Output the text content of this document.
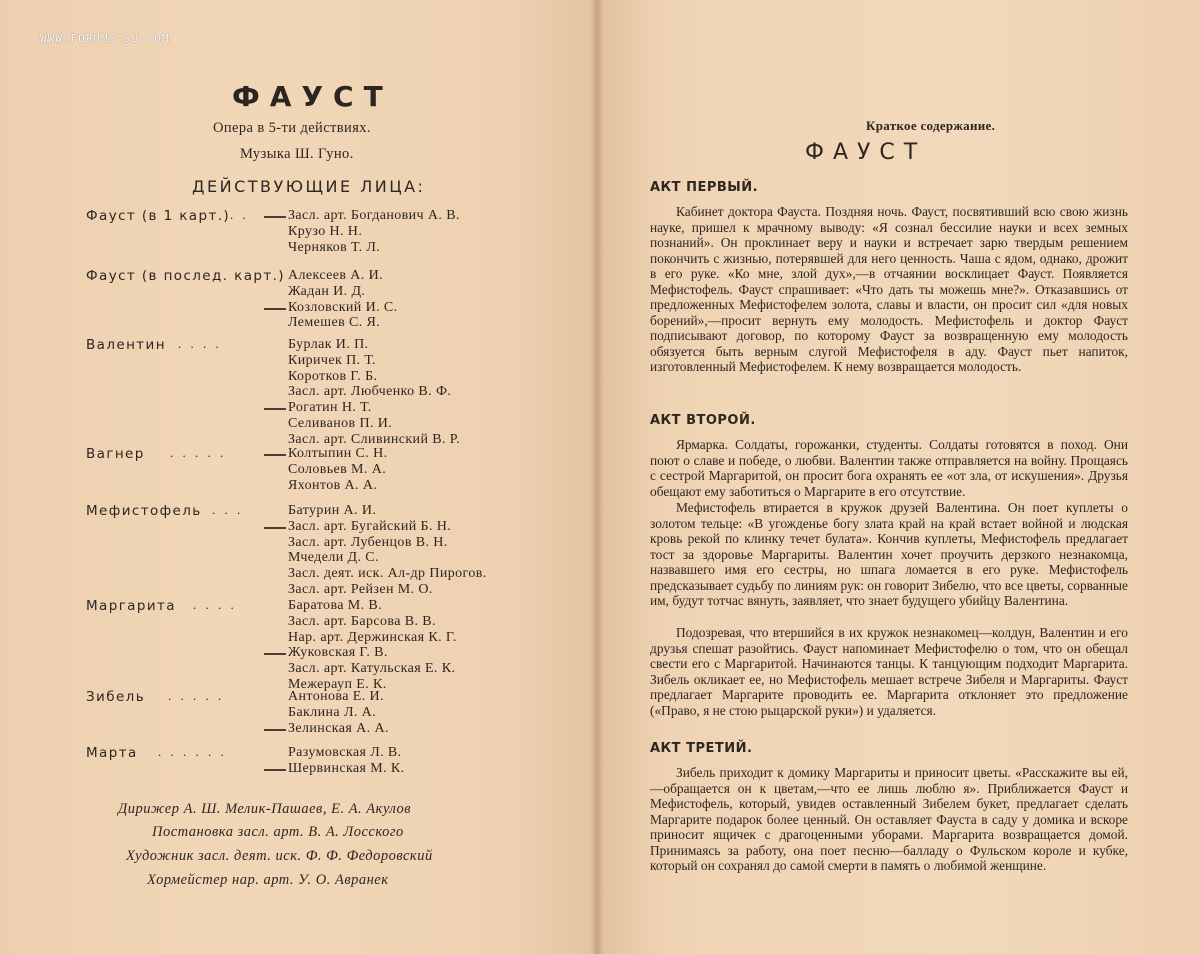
WWW.FORUMS-SU.COM
ФАУСТ
Опера в 5-ти действиях.
Музыка Ш. Гуно.
ДЕЙСТВУЮЩИЕ ЛИЦА:
Фауст (в 1 карт.) . .	Засл. арт. Богданович А. В.
Крузо Н. Н.
Черняков Т. Л.
Фауст (в послед. карт.) Алексеев А. И.
Жадан И. Д.
Козловский И. С.
Лемешев С. Я.
Валентин . . . .	Бурлак И. П.
Киричек П. Т.
Коротков Г. Б.
Засл. арт. Любченко В. Ф.
Рогатин Н. Т.
Селиванов П. И.
Засл. арт. Сливинский В. Р.
Вагнер . . . . .	Колтыпин С. Н.
Соловьев М. А.
Яхонтов А. А.
Мефистофель . . .	Батурин А. И.
Засл. арт. Бугайский Б. Н.
Засл. арт. Лубенцов В. Н.
Мчедели Д. С.
Засл. деят. иск. Ал-др Пирогов.
Засл. арт. Рейзен М. О.
Маргарита . . . .	Баратова М. В.
Засл. арт. Барсова В. В.
Нар. арт. Держинская К. Г.
Жуковская Г. В.
Засл. арт. Катульская Е. К.
Межерауп Е. К.
Зибель . . . . .	Антонова Е. И.
Баклина Л. А.
Зелинская А. А.
Марта . . . . . .	Разумовская Л. В.
Шервинская М. К.
Дирижер А. Ш. Мелик-Пашаев, Е. А. Акулов
Постановка засл. арт. В. А. Лосского
Художник засл. деят. иск. Ф. Ф. Федоровский
Хормейстер нар. арт. У. О. Авранек
Краткое содержание.
ФАУСТ
АКТ ПЕРВЫЙ.

Кабинет доктора Фауста. Поздняя ночь. Фауст, посвятивший всю свою жизнь науке, пришел к мрачному выводу: «Я сознал бессилие науки и всех земных познаний». Он проклинает веру и науки и встречает зарю твердым решением покончить с жизнью, потерявшей для него ценность. Чаша с ядом, однако, дрожит в его руке. «Ко мне, злой дух»,—в отчаянии восклицает Фауст. Появляется Мефистофель. Фауст спрашивает: «Что дать ты можешь мне?». Отказавшись от предложенных Мефистофелем золота, славы и власти, он просит сил «для новых борений»,—просит вернуть ему молодость. Мефистофель и доктор Фауст подписывают договор, по которому Фауст за возвращенную ему молодость обязуется быть верным слугой Мефистофеля в аду. Фауст пьет напиток, изготовленный Мефистофелем. К нему возвращается молодость.

АКТ ВТОРОЙ.

Ярмарка. Солдаты, горожанки, студенты. Солдаты готовятся в поход. Они поют о славе и победе, о любви. Валентин также отправляется на войну. Прощаясь с сестрой Маргаритой, он просит бога охранять ее «от зла, от искушения». Друзья обещают ему заботиться о Маргарите в его отсутствие.

Мефистофель втирается в кружок друзей Валентина. Он поет куплеты о золотом тельце: «В угожденье богу злата край на край встает войной и людская кровь рекой по клинку течет булата». Кончив куплеты, Мефистофель предлагает тост за здоровье Маргариты. Валентин хочет проучить дерзкого незнакомца, назвавшего имя его сестры, но шпага ломается в его руке. Мефистофель предсказывает судьбу по линиям рук: он говорит Зибелю, что все цветы, сорванные им, будут тотчас вянуть, заявляет, что знает будущего убийцу Валентина.

Подозревая, что втершийся в их кружок незнакомец—колдун, Валентин и его друзья спешат разойтись. Фауст напоминает Мефистофелю о том, что он обещал свести его с Маргаритой. Начинаются танцы. К танцующим подходит Маргарита. Зибель окликает ее, но Мефистофель мешает встрече Зибеля и Маргариты. Фауст предлагает Маргарите проводить ее. Маргарита отклоняет это предложение («Право, я не стою рыцарской руки») и удаляется.

АКТ ТРЕТИЙ.

Зибель приходит к домику Маргариты и приносит цветы. «Расскажите вы ей,—обращается он к цветам,—что ее лишь люблю я». Приближается Фауст и Мефистофель, который, увидев оставленный Зибелем букет, предлагает сделать Маргарите подарок более ценный. Он оставляет Фауста в саду у домика и вскоре приносит ящичек с драгоценными уборами. Маргарита возвращается домой. Принимаясь за работу, она поет песню—балладу о Фульском короле и кубке, который он сохранял до самой смерти в память о любимой женщине.
